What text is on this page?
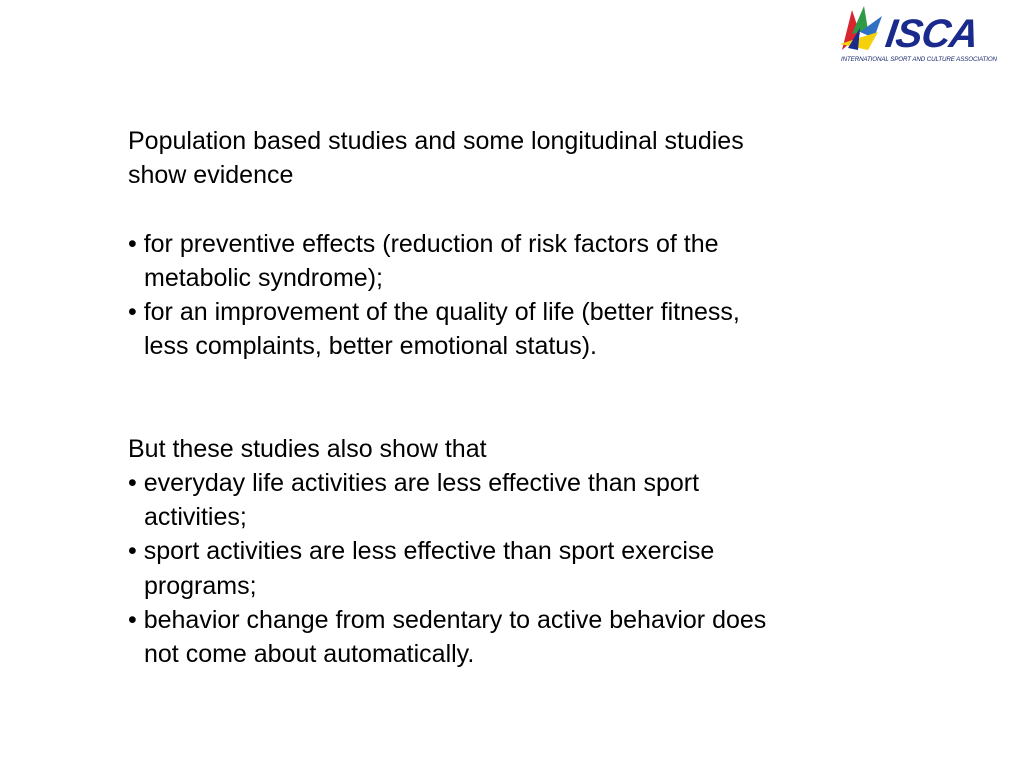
ISCA
INTERNATIONAL SPORT AND CULTURE ASSOCIATION
Population based studies and some longitudinal studies
show evidence
• for preventive effects (reduction of risk factors of the
metabolic syndrome);
• for an improvement of the quality of life (better fitness,
less complaints, better emotional status).
But these studies also show that
• everyday life activities are less effective than sport
activities;
• sport activities are less effective than sport exercise
programs;
• behavior change from sedentary to active behavior does
not come about automatically.
